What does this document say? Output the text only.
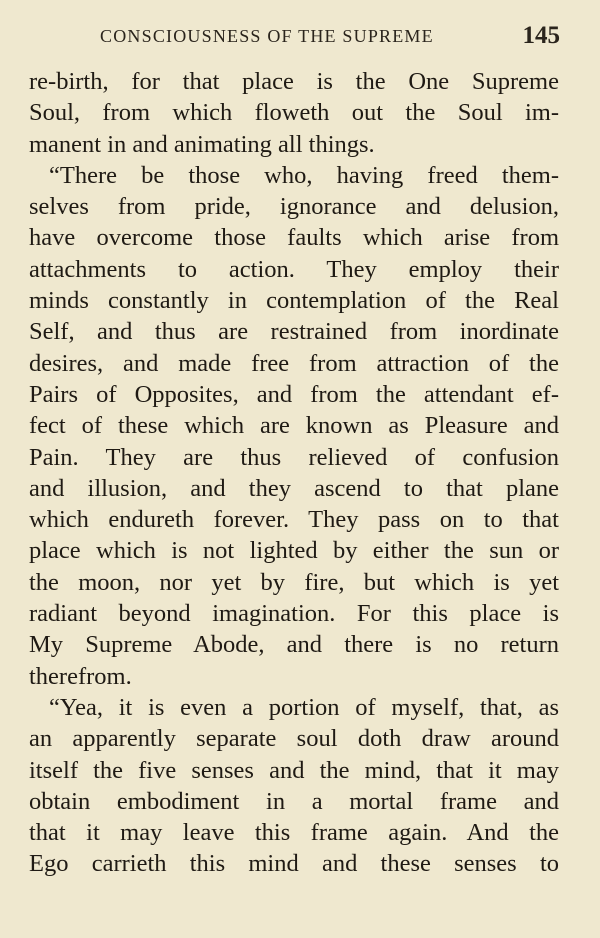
CONSCIOUSNESS OF THE SUPREME	145
re-birth, for that place is the One Supreme
Soul, from which floweth out the Soul im-
manent in and animating all things.
“There be those who, having freed them-
selves from pride, ignorance and delusion,
have overcome those faults which arise from
attachments to action. They employ their
minds constantly in contemplation of the Real
Self, and thus are restrained from inordinate
desires, and made free from attraction of the
Pairs of Opposites, and from the attendant ef-
fect of these which are known as Pleasure and
Pain. They are thus relieved of confusion
and illusion, and they ascend to that plane
which endureth forever. They pass on to that
place which is not lighted by either the sun or
the moon, nor yet by fire, but which is yet
radiant beyond imagination. For this place is
My Supreme Abode, and there is no return
therefrom.
“Yea, it is even a portion of myself, that, as
an apparently separate soul doth draw around
itself the five senses and the mind, that it may
obtain embodiment in a mortal frame and
that it may leave this frame again. And the
Ego carrieth this mind and these senses to
